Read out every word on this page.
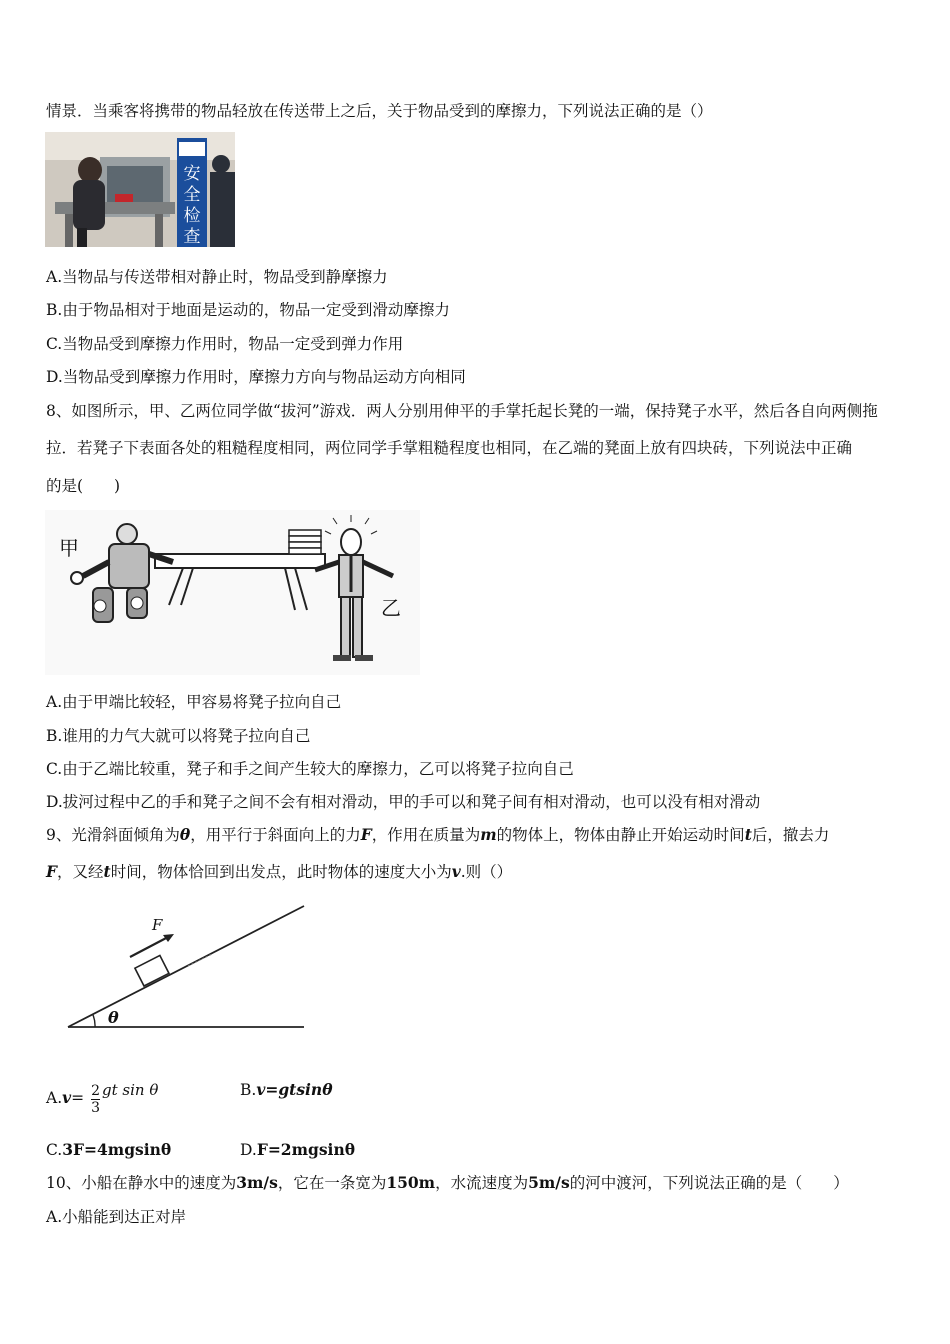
情景．当乘客将携带的物品轻放在传送带上之后，关于物品受到的摩擦力，下列说法正确的是（）
安
全
检
查
A.当物品与传送带相对静止时，物品受到静摩擦力
B.由于物品相对于地面是运动的，物品一定受到滑动摩擦力
C.当物品受到摩擦力作用时，物品一定受到弹力作用
D.当物品受到摩擦力作用时，摩擦力方向与物品运动方向相同
8、如图所示，甲、乙两位同学做“拔河”游戏．两人分别用伸平的手掌托起长凳的一端，保持凳子水平，然后各自向两侧拖
拉．若凳子下表面各处的粗糙程度相同，两位同学手掌粗糙程度也相同，在乙端的凳面上放有四块砖，下列说法中正确
的是(　　)
甲
乙
A.由于甲端比较轻，甲容易将凳子拉向自己
B.谁用的力气大就可以将凳子拉向自己
C.由于乙端比较重，凳子和手之间产生较大的摩擦力，乙可以将凳子拉向自己
D.拔河过程中乙的手和凳子之间不会有相对滑动，甲的手可以和凳子间有相对滑动，也可以没有相对滑动
9、光滑斜面倾角为θ，用平行于斜面向上的力F，作用在质量为m的物体上，物体由静止开始运动时间t后，撤去力
F，又经t时间，物体恰回到出发点，此时物体的速度大小为v.则（）
F
θ
$A.v= \frac{2}{3}$ gt sin θ	B.v=gtsinθ
C.3F=4mgsinθ	D.F=2mgsinθ
10、小船在静水中的速度为3m/s，它在一条宽为150m，水流速度为5m/s的河中渡河，下列说法正确的是（　　）
A.小船能到达正对岸
